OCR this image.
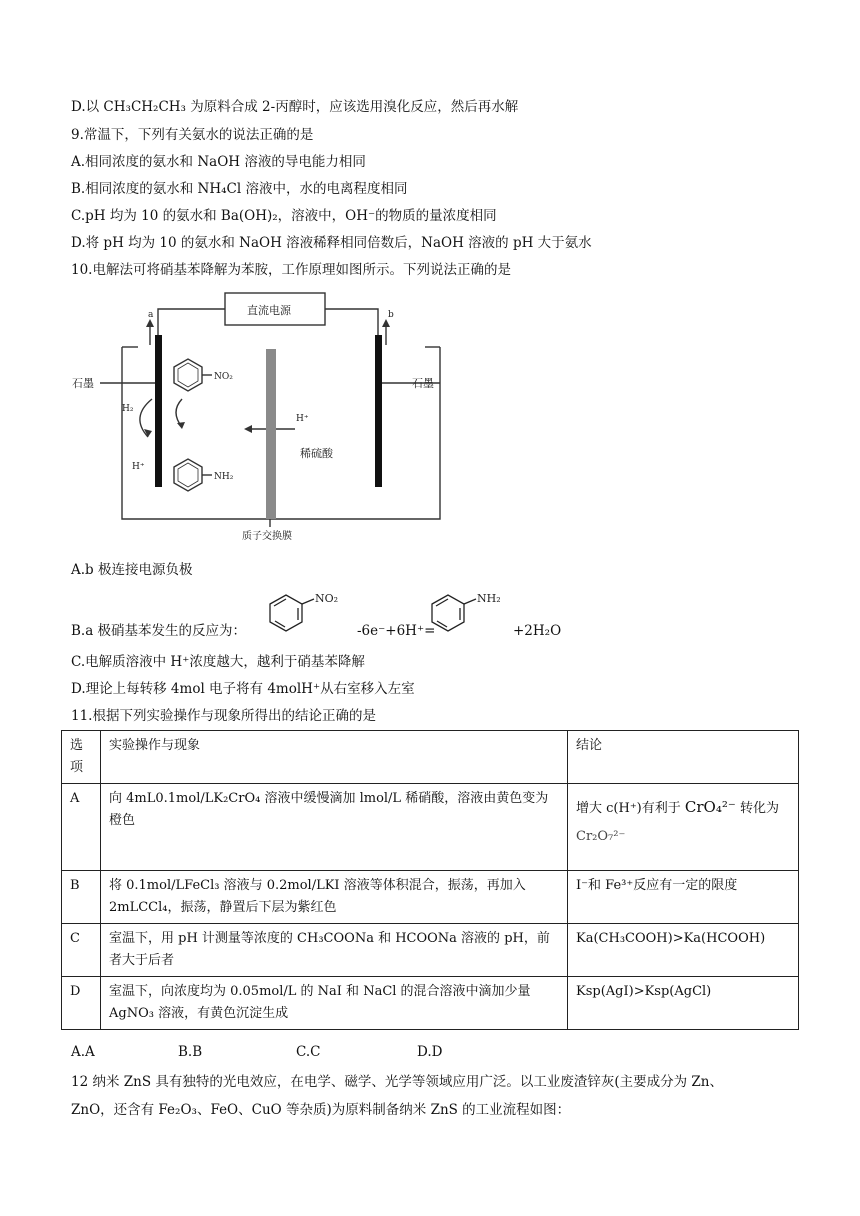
D.以 CH₃CH₂CH₃ 为原料合成 2-丙醇时，应该选用溴化反应，然后再水解
9.常温下，下列有关氨水的说法正确的是
A.相同浓度的氨水和 NaOH 溶液的导电能力相同
B.相同浓度的氨水和 NH₄Cl 溶液中，水的电离程度相同
C.pH 均为 10 的氨水和 Ba(OH)₂，溶液中，OH⁻的物质的量浓度相同
D.将 pH 均为 10 的氨水和 NaOH 溶液稀释相同倍数后，NaOH 溶液的 pH 大于氨水
10.电解法可将硝基苯降解为苯胺，工作原理如图所示。下列说法正确的是
直流电源
a	b
石墨	石墨
H₂
H⁺
NO₂
NH₂
H⁺
稀硫酸
质子交换膜
A.b 极连接电源负极
B.a 极硝基苯发生的反应为：
NO₂
-6e⁻+6H⁺=
NH₂
+2H₂O
C.电解质溶液中 H⁺浓度越大，越利于硝基苯降解
D.理论上每转移 4mol 电子将有 4molH⁺从右室移入左室
11.根据下列实验操作与现象所得出的结论正确的是
选
项	实验操作与现象	结论
A	向 4mL0.1mol/LK₂CrO₄ 溶液中缓慢滴加 lmol/L 稀硝酸，溶液由黄色变为橙色	增大 c(H⁺)有利于 CrO₄²⁻ 转化为
Cr₂O₇²⁻

B	将 0.1mol/LFeCl₃ 溶液与 0.2mol/LKI 溶液等体积混合，振荡，再加入 2mLCCl₄，振荡，静置后下层为紫红色	I⁻和 Fe³⁺反应有一定的限度
C	室温下，用 pH 计测量等浓度的 CH₃COONa 和 HCOONa 溶液的 pH，前者大于后者	Ka(CH₃COOH)>Ka(HCOOH)
D	室温下，向浓度均为 0.05mol/L 的 NaI 和 NaCl 的混合溶液中滴加少量 AgNO₃ 溶液，有黄色沉淀生成	Ksp(AgI)>Ksp(AgCl)
A.A	B.B	C.C	D.D
12 纳米 ZnS 具有独特的光电效应，在电学、磁学、光学等领域应用广泛。以工业废渣锌灰(主要成分为 Zn、
ZnO，还含有 Fe₂O₃、FeO、CuO 等杂质)为原料制备纳米 ZnS 的工业流程如图：
